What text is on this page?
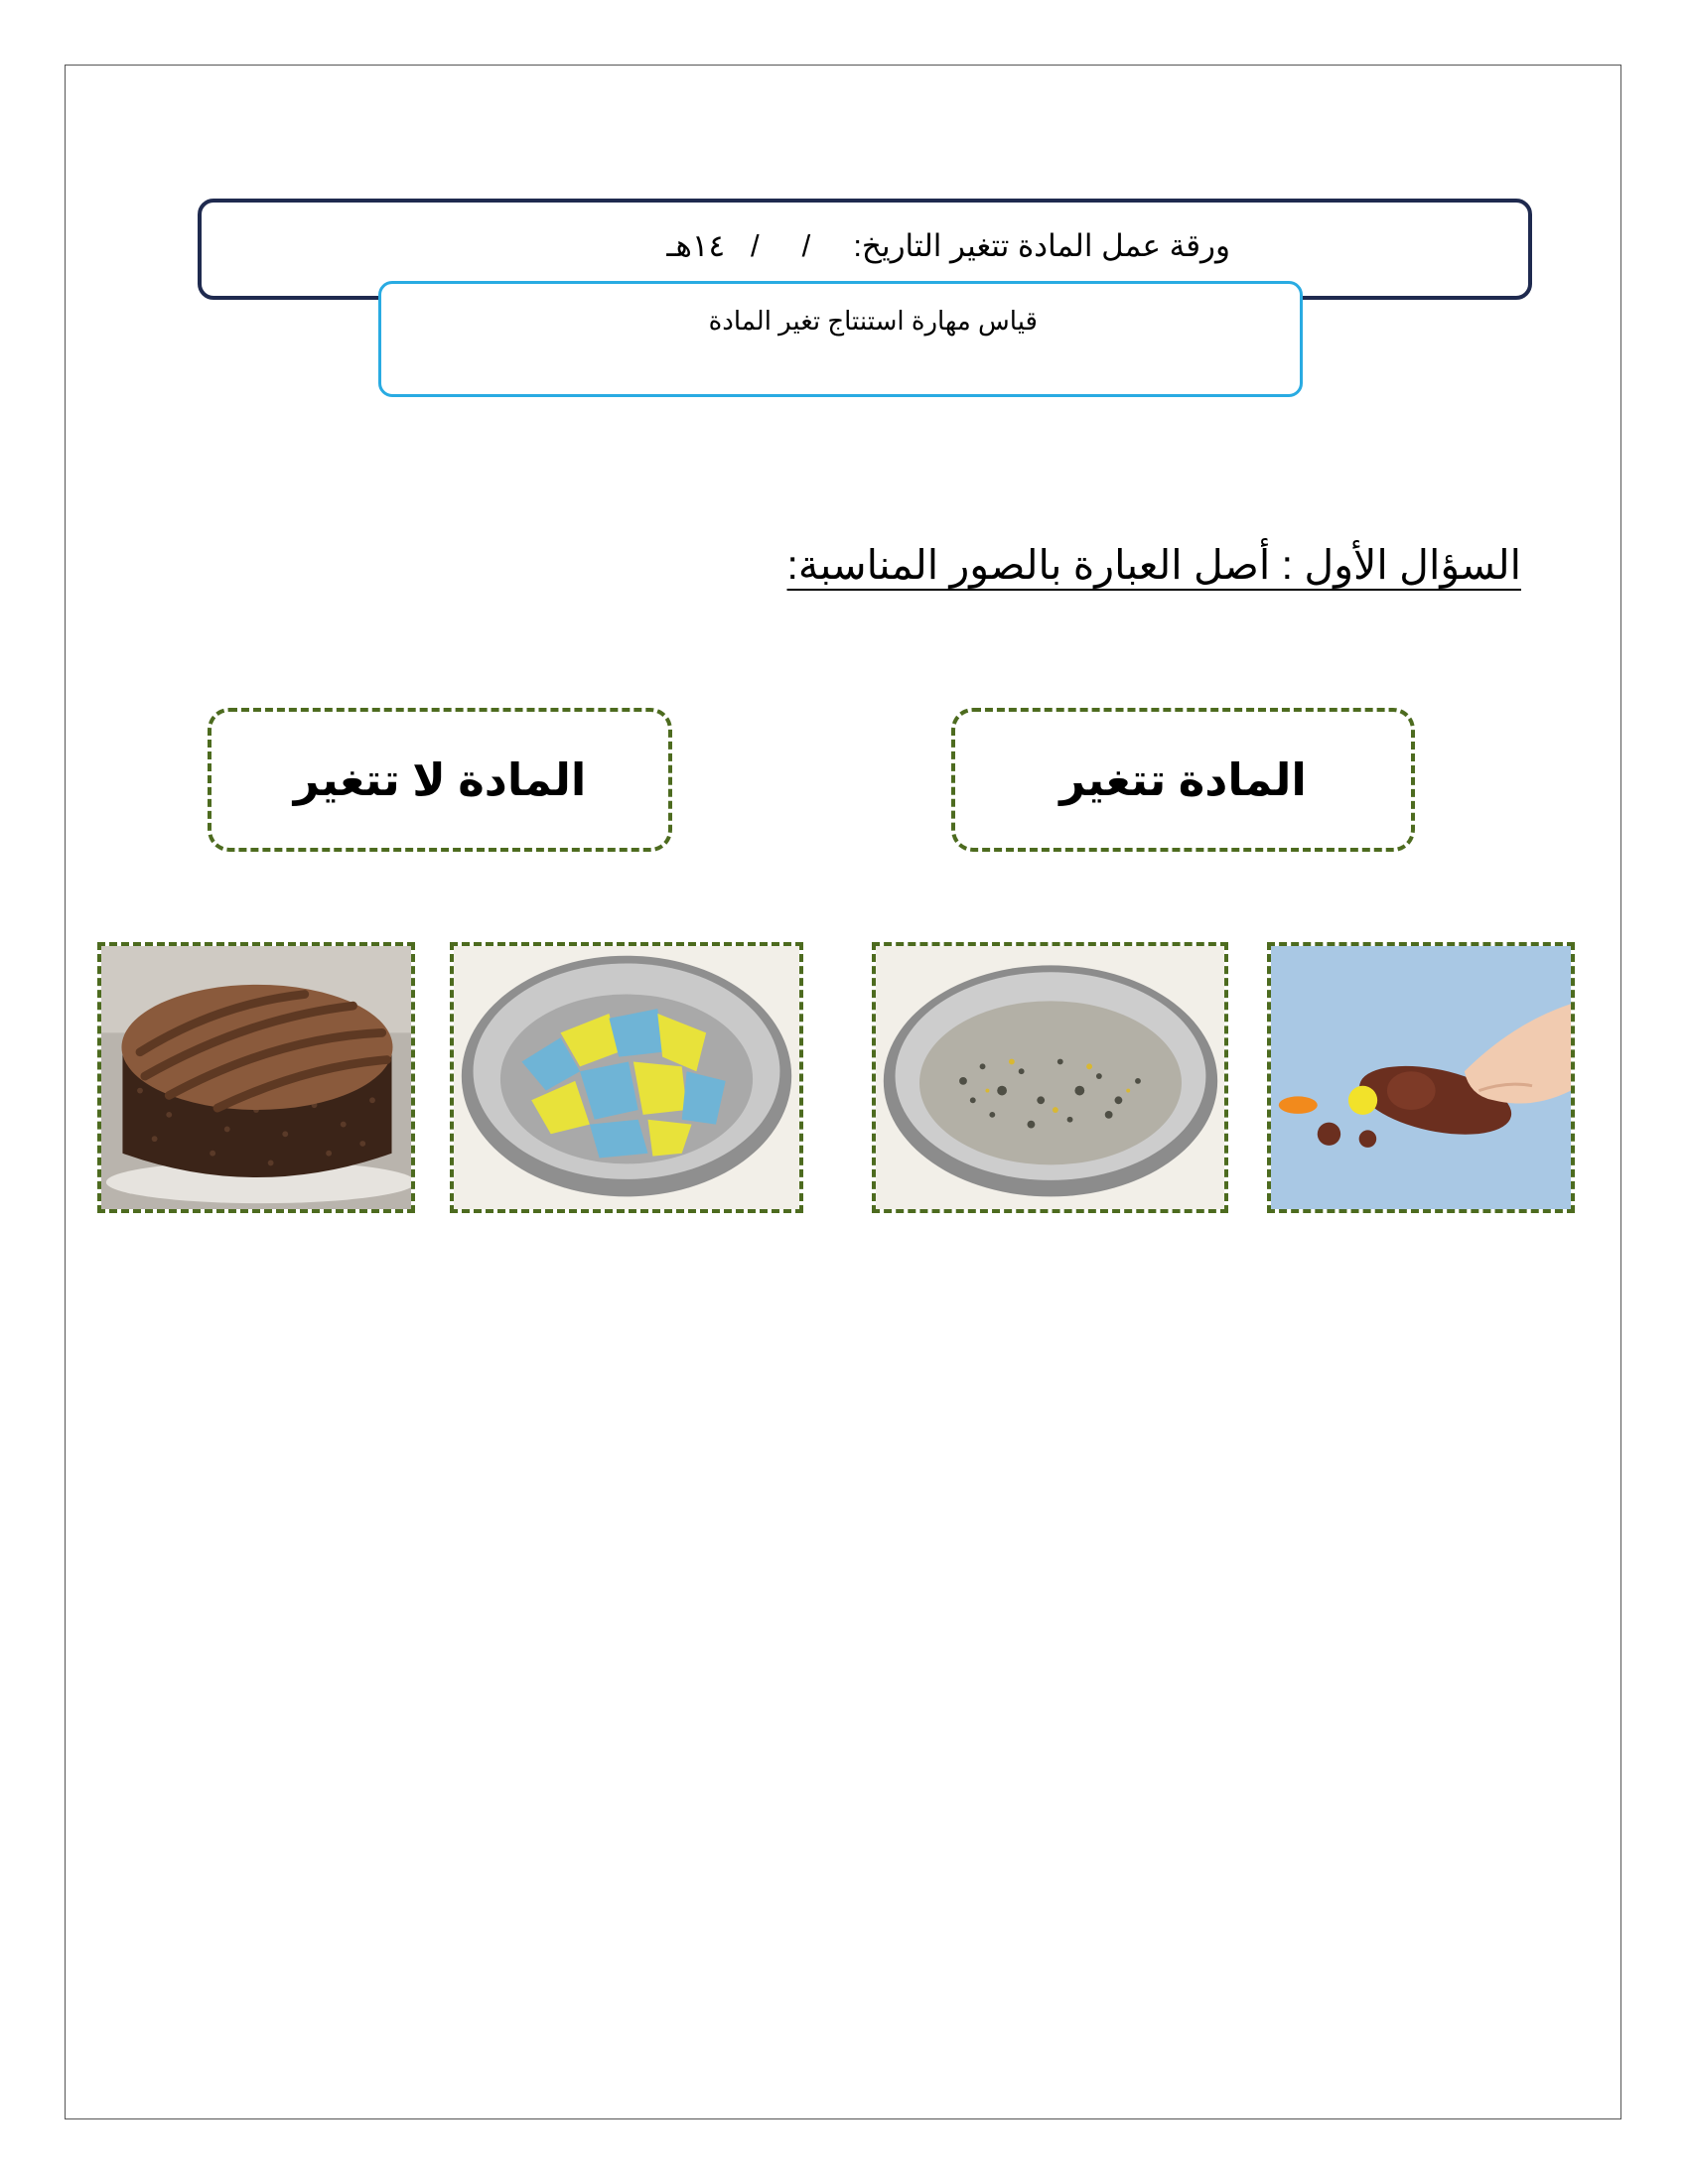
ورقة عمل المادة تتغير التاريخ:     /     /   ١٤هـ
قياس مهارة استنتاج تغير المادة
السؤال الأول : أصل العبارة بالصور المناسبة:
المادة تتغير
المادة لا تتغير
